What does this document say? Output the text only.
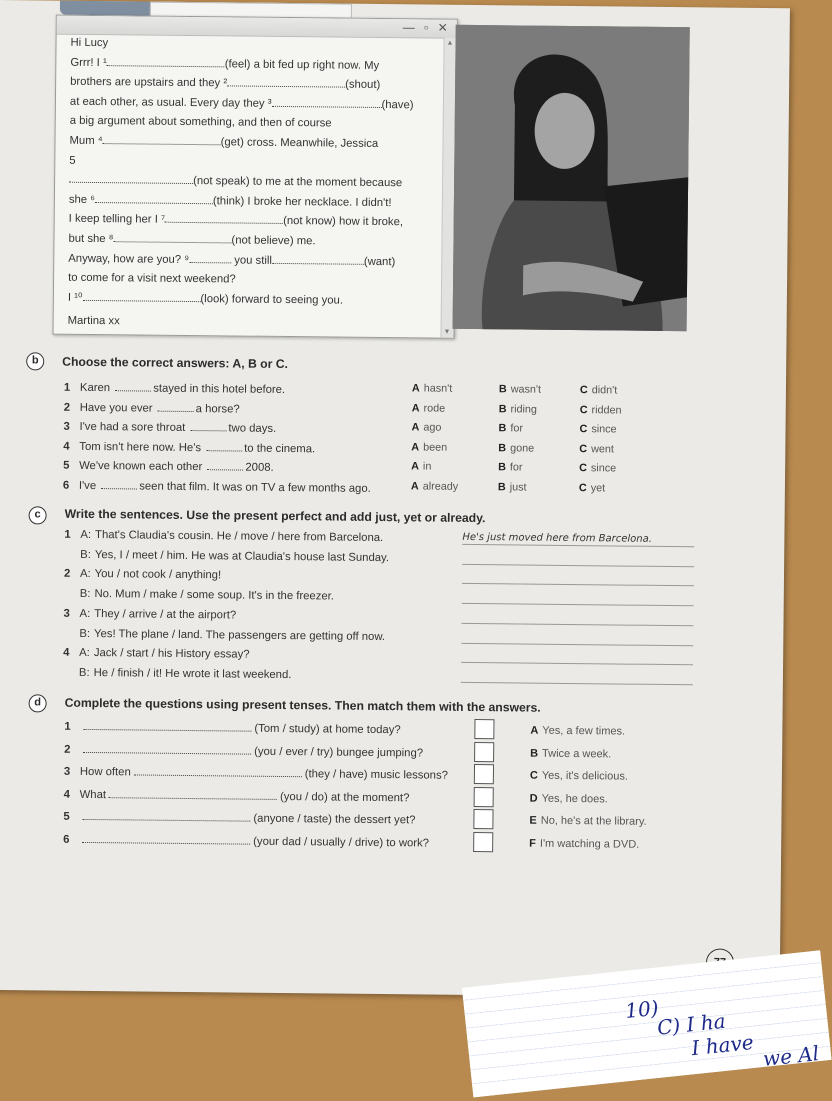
— ▫ ✕
▲
▼
Hi Lucy
Grrr! I ¹	(feel) a bit fed up right now. My
brothers are upstairs and they ²	(shout)
at each other, as usual. Every day they ³	(have)
a big argument about something, and then of course
Mum ⁴	(get) cross. Meanwhile, Jessica
5
(not speak) to me at the moment because
she ⁶	(think) I broke her necklace. I didn't!
I keep telling her I ⁷	(not know) how it broke,
but she ⁸	(not believe) me.
Anyway, how are you? ⁹	you still	(want)
to come for a visit next weekend?
I ¹⁰	(look) forward to seeing you.
Martina xx
b	Choose the correct answers: A, B or C.
1 Karen	stayed in this hotel before.	A hasn't	B wasn't	C didn't
2 Have you ever	a horse?	A rode	B riding	C ridden
3 I've had a sore throat	two days.	A ago	B for	C since
4 Tom isn't here now. He's	to the cinema.	A been	B gone	C went
5 We've known each other	2008.	A in	B for	C since
6 I've	seen that film. It was on TV a few months ago.	A already	B just	C yet
c	Write the sentences. Use the present perfect and add just, yet or already.
1 A: That's Claudia's cousin. He / move / here from Barcelona.	He's just moved here from Barcelona.
B: Yes, I / meet / him. He was at Claudia's house last Sunday.
2 A: You / not cook / anything!
B: No. Mum / make / some soup. It's in the freezer.
3 A: They / arrive / at the airport?
B: Yes! The plane / land. The passengers are getting off now.
4 A: Jack / start / his History essay?
B: He / finish / it! He wrote it last weekend.
d	Complete the questions using present tenses. Then match them with the answers.
1	(Tom / study) at home today?	A Yes, a few times.
2	(you / ever / try) bungee jumping?	B Twice a week.
3 How often	(they / have) music lessons?	C Yes, it's delicious.
4 What	(you / do) at the moment?	D Yes, he does.
5	(anyone / taste) the dessert yet?	E No, he's at the library.
6	(your dad / usually / drive) to work?	F I'm watching a DVD.
10)
C) I ha
I have we Al
